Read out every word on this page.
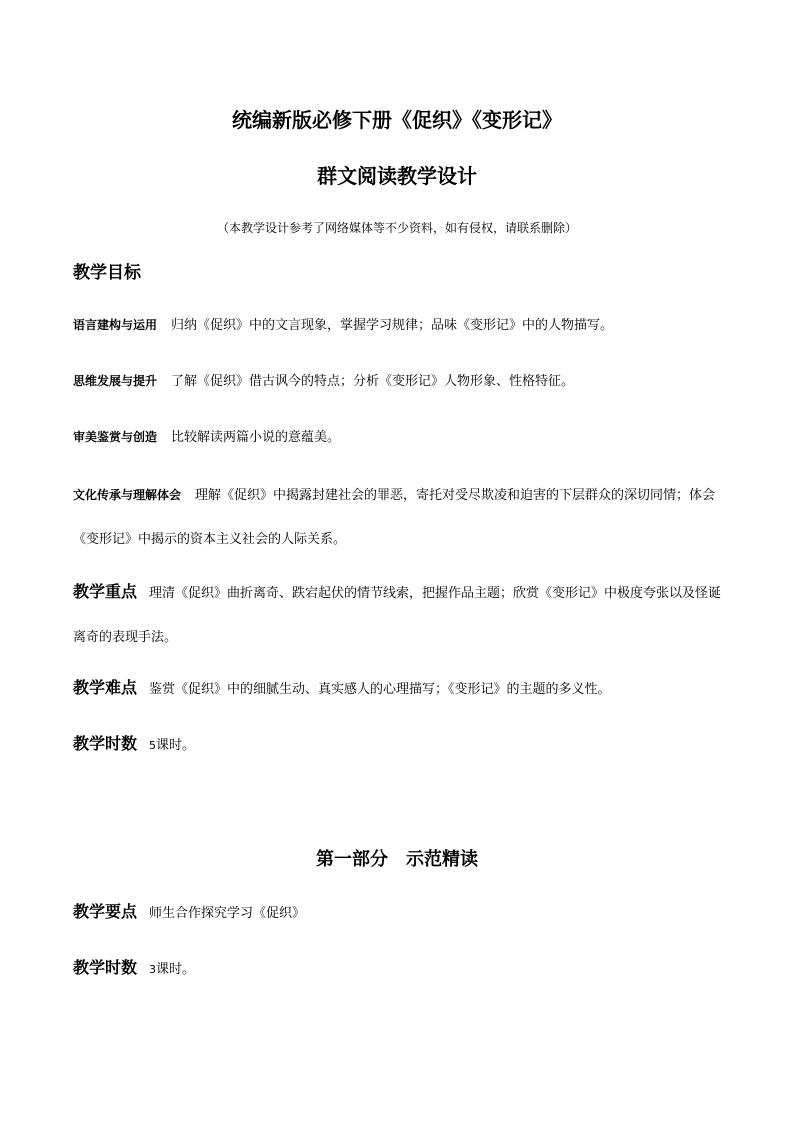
统编新版必修下册《促织》《变形记》
群文阅读教学设计
（本教学设计参考了网络媒体等不少资料，如有侵权，请联系删除）
教学目标
语言建构与运用 归纳《促织》中的文言现象，掌握学习规律；品味《变形记》中的人物描写。
思维发展与提升 了解《促织》借古讽今的特点；分析《变形记》人物形象、性格特征。
审美鉴赏与创造 比较解读两篇小说的意蕴美。
文化传承与理解体会 理解《促织》中揭露封建社会的罪恶，寄托对受尽欺凌和迫害的下层群众的深切同情；体会《变形记》中揭示的资本主义社会的人际关系。
教学重点 理清《促织》曲折离奇、跌宕起伏的情节线索，把握作品主题；欣赏《变形记》中极度夸张以及怪诞离奇的表现手法。
教学难点 鉴赏《促织》中的细腻生动、真实感人的心理描写；《变形记》的主题的多义性。
教学时数 5课时。
第一部分　示范精读
教学要点 师生合作探究学习《促织》
教学时数 3课时。
